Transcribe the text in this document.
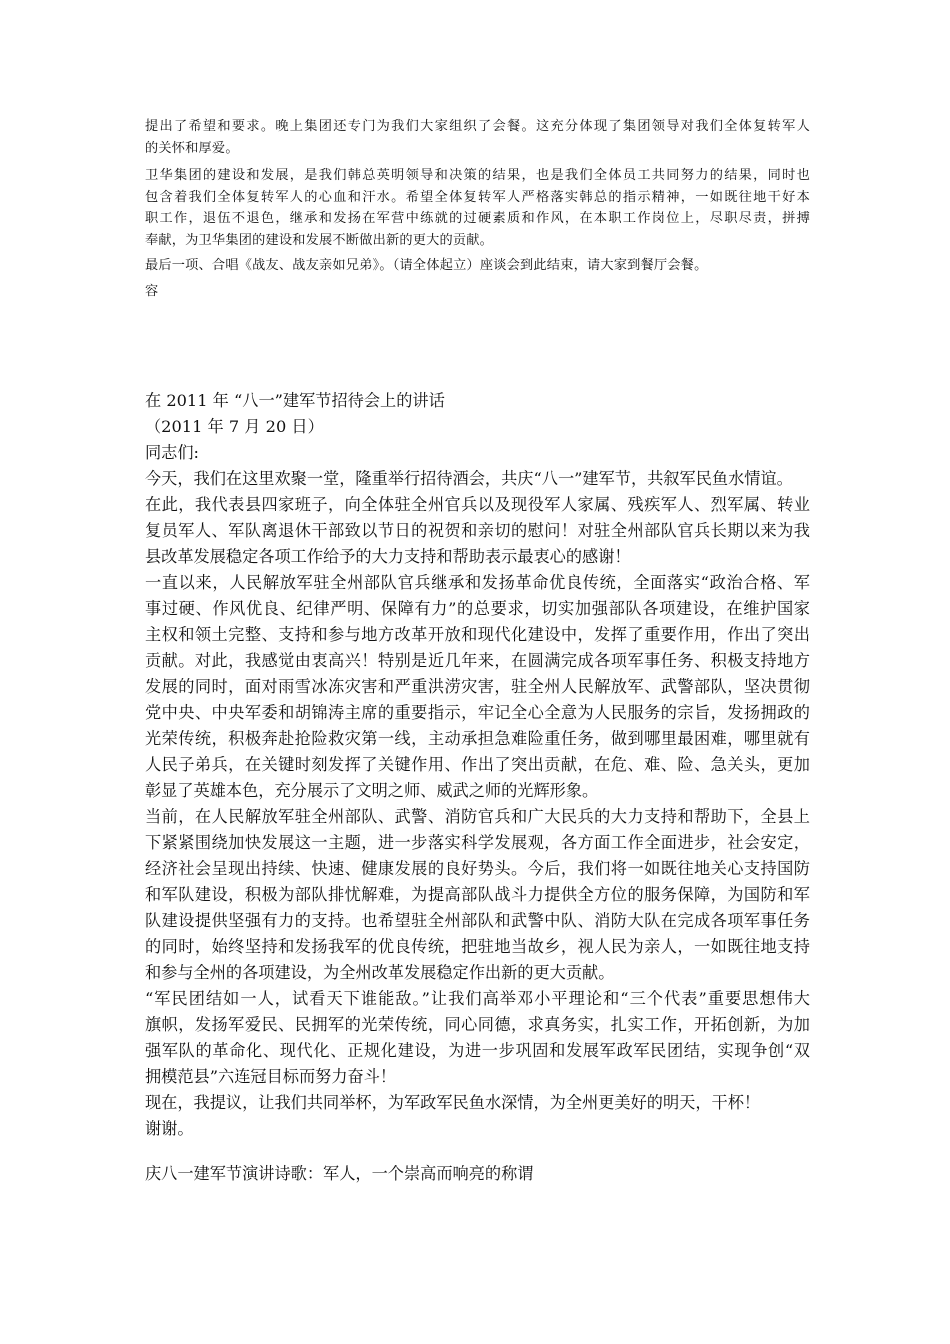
提出了希望和要求。晚上集团还专门为我们大家组织了会餐。这充分体现了集团领导对我们全体复转军人

的关怀和厚爱。

卫华集团的建设和发展，是我们韩总英明领导和决策的结果，也是我们全体员工共同努力的结果，同时也

包含着我们全体复转军人的心血和汗水。希望全体复转军人严格落实韩总的指示精神，一如既往地干好本

职工作，退伍不退色，继承和发扬在军营中练就的过硬素质和作风，在本职工作岗位上，尽职尽责，拼搏

奉献，为卫华集团的建设和发展不断做出新的更大的贡献。

最后一项、合唱《战友、战友亲如兄弟》。（请全体起立）座谈会到此结束，请大家到餐厅会餐。

容

在 2011 年 “八一”建军节招待会上的讲话

（2011 年 7 月 20 日）

同志们:

今天，我们在这里欢聚一堂，隆重举行招待酒会，共庆“八一”建军节，共叙军民鱼水情谊。

在此，我代表县四家班子，向全体驻全州官兵以及现役军人家属、残疾军人、烈军属、转业

复员军人、军队离退休干部致以节日的祝贺和亲切的慰问！对驻全州部队官兵长期以来为我

县改革发展稳定各项工作给予的大力支持和帮助表示最衷心的感谢！

一直以来，人民解放军驻全州部队官兵继承和发扬革命优良传统，全面落实“政治合格、军

事过硬、作风优良、纪律严明、保障有力”的总要求，切实加强部队各项建设，在维护国家

主权和领土完整、支持和参与地方改革开放和现代化建设中，发挥了重要作用，作出了突出

贡献。对此，我感觉由衷高兴！特别是近几年来，在圆满完成各项军事任务、积极支持地方

发展的同时，面对雨雪冰冻灾害和严重洪涝灾害，驻全州人民解放军、武警部队，坚决贯彻

党中央、中央军委和胡锦涛主席的重要指示，牢记全心全意为人民服务的宗旨，发扬拥政的

光荣传统，积极奔赴抢险救灾第一线，主动承担急难险重任务，做到哪里最困难，哪里就有

人民子弟兵，在关键时刻发挥了关键作用、作出了突出贡献，在危、难、险、急关头，更加

彰显了英雄本色，充分展示了文明之师、威武之师的光辉形象。

当前，在人民解放军驻全州部队、武警、消防官兵和广大民兵的大力支持和帮助下，全县上

下紧紧围绕加快发展这一主题，进一步落实科学发展观，各方面工作全面进步，社会安定，

经济社会呈现出持续、快速、健康发展的良好势头。今后，我们将一如既往地关心支持国防

和军队建设，积极为部队排忧解难，为提高部队战斗力提供全方位的服务保障，为国防和军

队建设提供坚强有力的支持。也希望驻全州部队和武警中队、消防大队在完成各项军事任务

的同时，始终坚持和发扬我军的优良传统，把驻地当故乡，视人民为亲人，一如既往地支持

和参与全州的各项建设，为全州改革发展稳定作出新的更大贡献。

“军民团结如一人，试看天下谁能敌。”让我们高举邓小平理论和“三个代表”重要思想伟大

旗帜，发扬军爱民、民拥军的光荣传统，同心同德，求真务实，扎实工作，开拓创新，为加

强军队的革命化、现代化、正规化建设，为进一步巩固和发展军政军民团结，实现争创“双

拥模范县”六连冠目标而努力奋斗！

现在，我提议，让我们共同举杯，为军政军民鱼水深情，为全州更美好的明天，干杯！

谢谢。

庆八一建军节演讲诗歌：军人，一个崇高而响亮的称谓
